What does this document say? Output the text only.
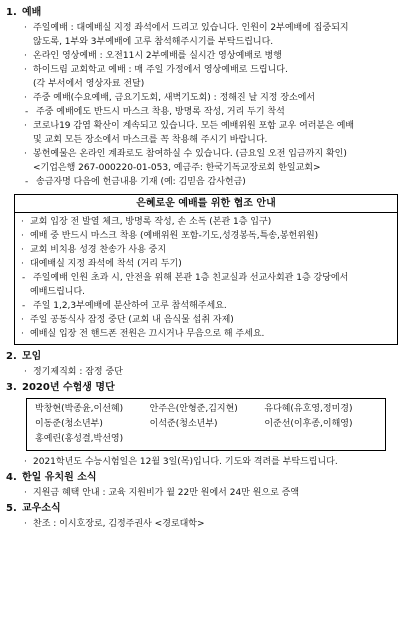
1. 예배
· 주일예배 : 대예배실 지정 좌석에서 드리고 있습니다. 인원이 2부예배에 집중되지
않도록, 1부와 3부예배에 고루 참석해주시기를 부탁드립니다.
· 온라인 영상예배 : 오전11시 2부예배를 실시간 영상예배로 병행
· 하이드림 교회학교 예배 : 매 주일 가정에서 영상예배로 드립니다.
(각 부서에서 영상자료 전달)
· 주중 예배(수요예배, 금요기도회, 새벽기도회) : 정해진 날 지정 장소에서
- 주중 예배에도 반드시 마스크 착용, 방명록 작성, 거리 두기 착석
· 코로나19 감염 확산이 계속되고 있습니다. 모든 예배위원 포함 교우 여러분은 예배
및 교회 모든 장소에서 마스크를 꼭 착용해 주시기 바랍니다.
· 봉헌예물은 온라인 계좌로도 참여하실 수 있습니다. (금요일 오전 입금까지 확인)
<기업은행 267-000220-01-053, 예금주: 한국기독교장로회 한일교회>
- 송금자명 다음에 헌금내용 기재 (예: 김믿음 감사헌금)
은혜로운 예배를 위한 협조 안내
· 교회 입장 전 발열 체크, 방명록 작성, 손 소독 (본관 1층 입구)
· 예배 중 반드시 마스크 착용 (예배위원 포함-기도,성경봉독,특송,봉헌위원)
· 교회 비치용 성경 찬송가 사용 중지
· 대예배실 지정 좌석에 착석 (거리 두기)
- 주일예배 인원 초과 시, 안전을 위해 본관 1층 친교실과 선교사회관 1층 강당에서
예배드립니다.
- 주일 1,2,3부예배에 분산하여 고루 참석해주세요.
· 주일 공동식사 잠정 중단 (교회 내 음식물 섭취 자제)
· 예배실 입장 전 핸드폰 전원은 끄시거나 무음으로 해 주세요.
2. 모임
· 정기제직회 : 잠정 중단
3. 2020년 수험생 명단
박창현(박종윤,이선혜)	안주은(안형준,김지현)	유다혜(유호영,정미경)
이동준(청소년부)	이석준(청소년부)	이준선(이후종,이해영)
홍예린(홍성결,박선영)
· 2021학년도 수능시험일은 12월 3일(목)입니다. 기도와 격려를 부탁드립니다.
4. 한일 유치원 소식
· 지원금 혜택 안내 : 교육 지원비가 월 22만 원에서 24만 원으로 증액
5. 교우소식
· 찬조 : 이시호장로, 김정주권사 <경로대학>
